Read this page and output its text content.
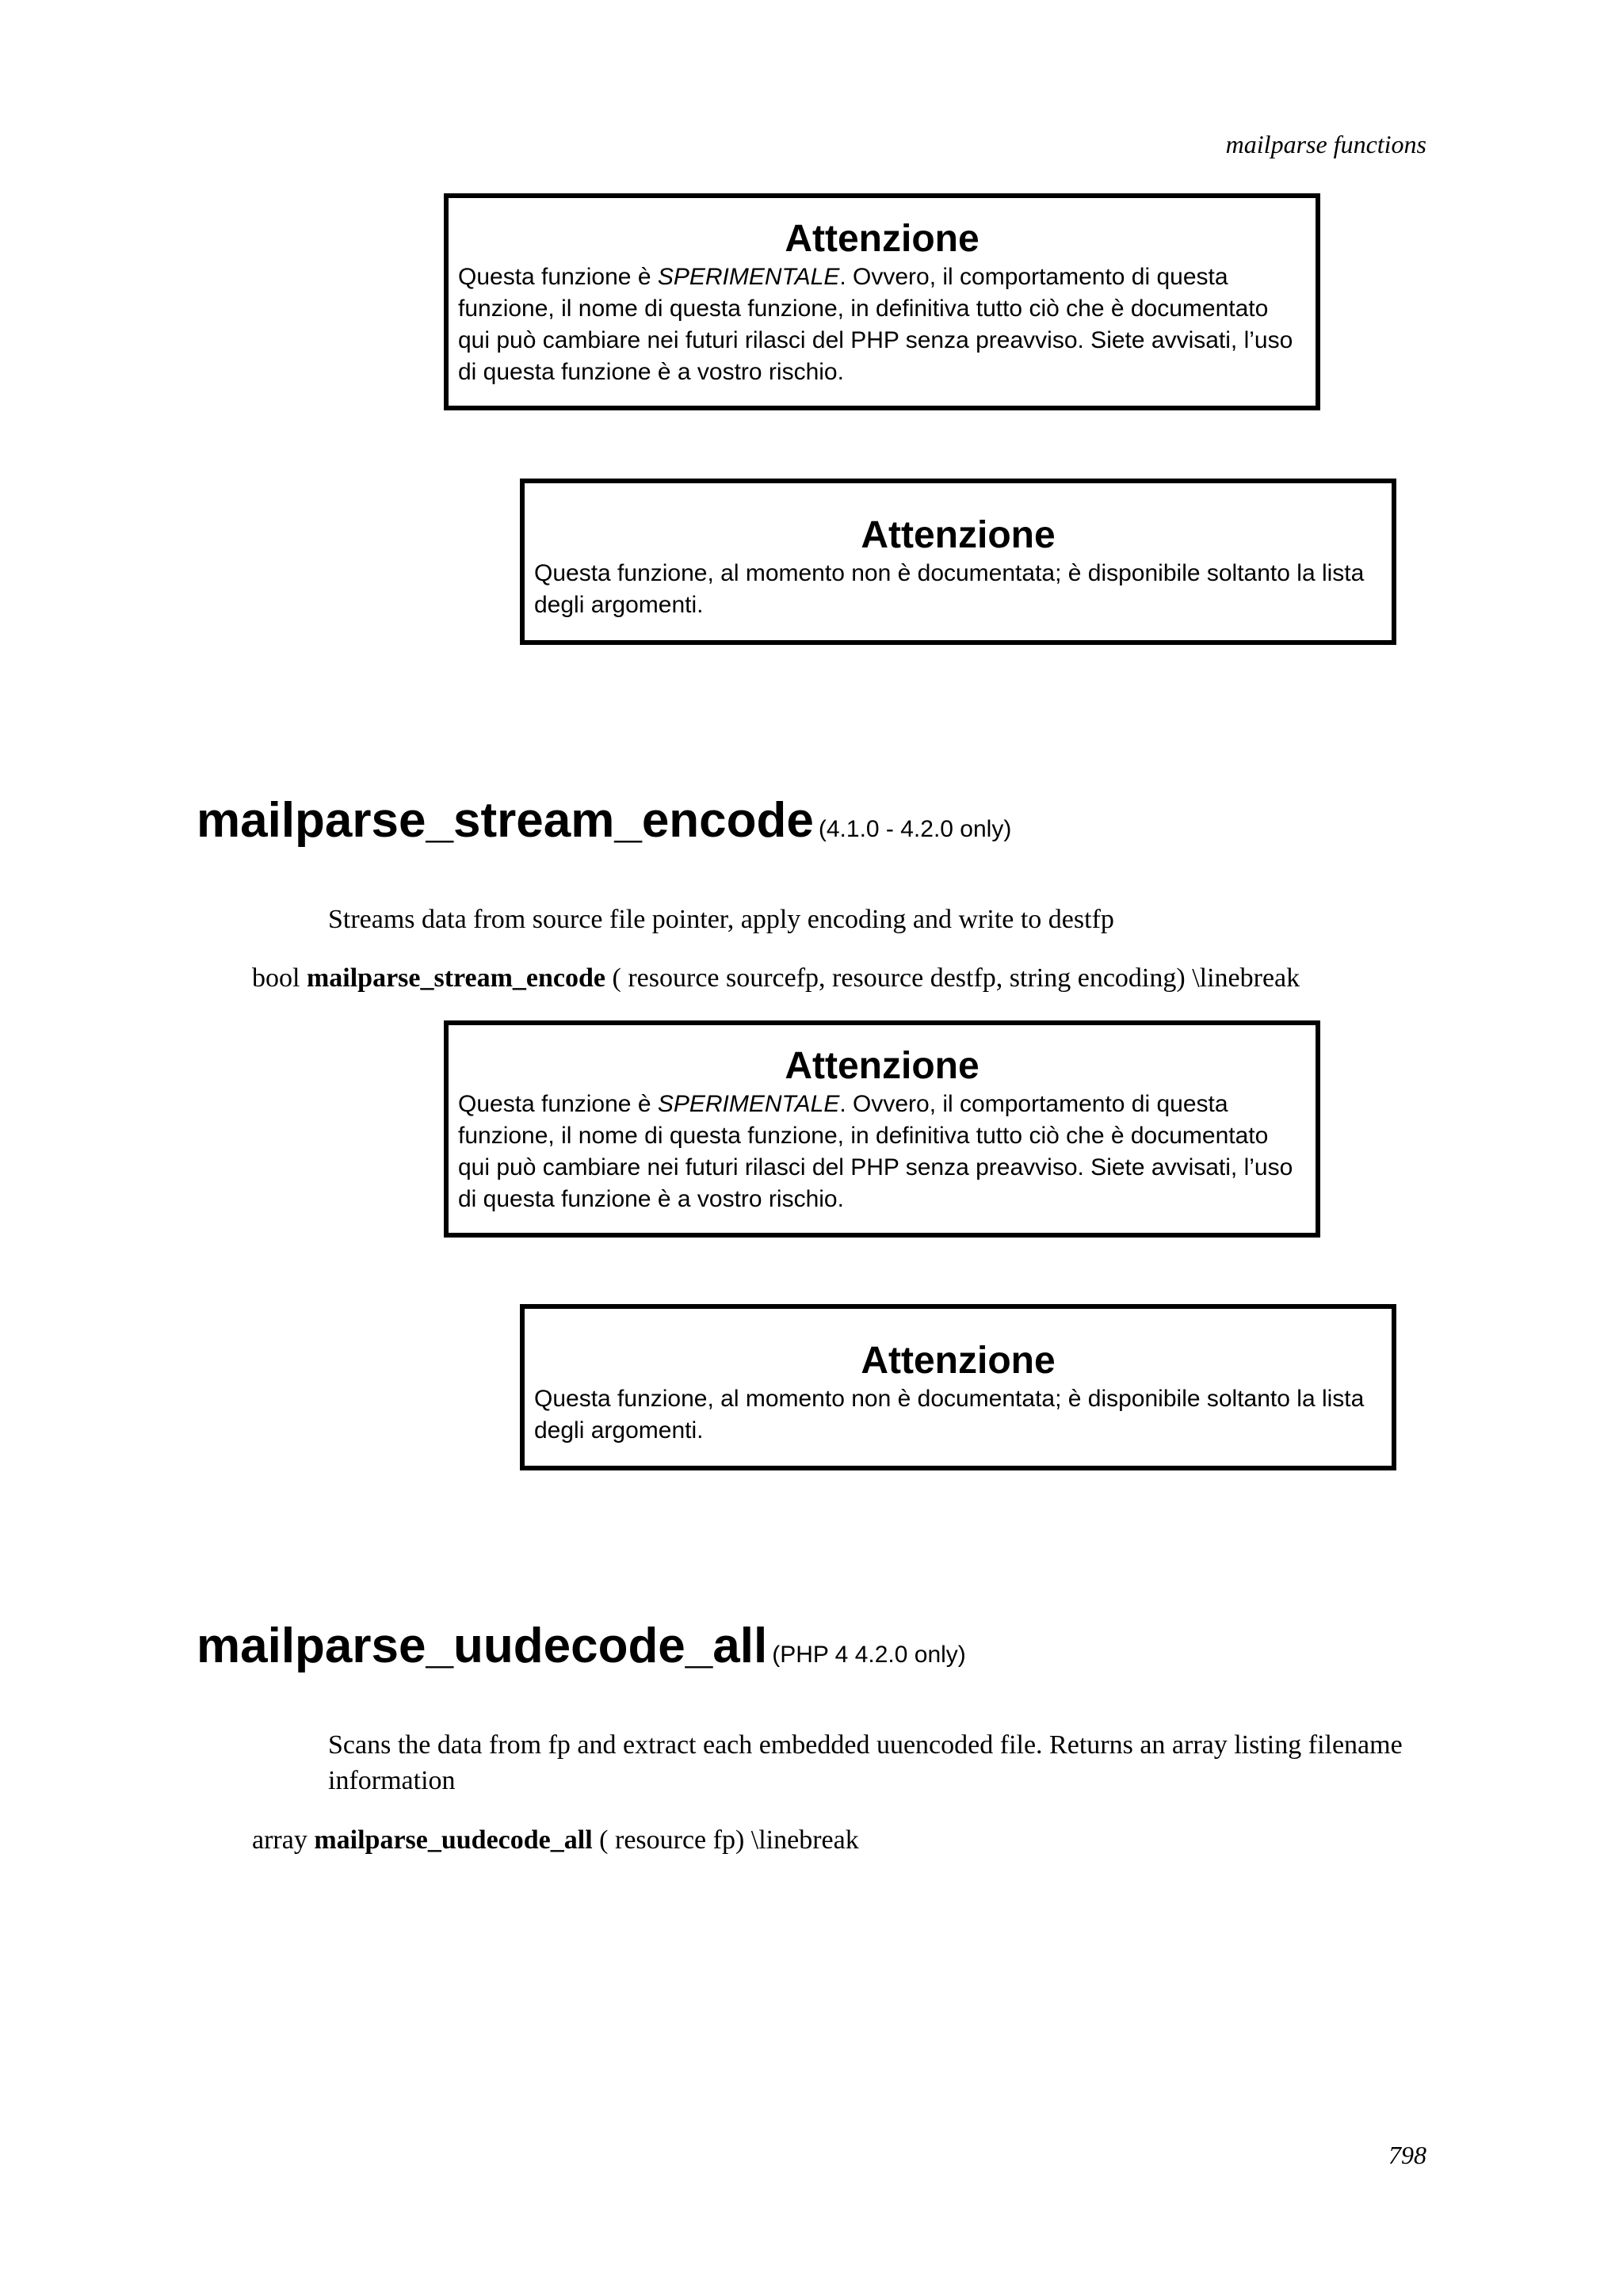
mailparse functions

Attenzione

Questa funzione è SPERIMENTALE. Ovvero, il comportamento di questa funzione, il nome di questa funzione, in definitiva tutto ciò che è documentato qui può cambiare nei futuri rilasci del PHP senza preavviso. Siete avvisati, l’uso di questa funzione è a vostro rischio.

Attenzione

Questa funzione, al momento non è documentata; è disponibile soltanto la lista degli argomenti.

mailparse_stream_encode (4.1.0 - 4.2.0 only)

Streams data from source file pointer, apply encoding and write to destfp

bool mailparse_stream_encode ( resource sourcefp, resource destfp, string encoding) \linebreak

Attenzione

Questa funzione è SPERIMENTALE. Ovvero, il comportamento di questa funzione, il nome di questa funzione, in definitiva tutto ciò che è documentato qui può cambiare nei futuri rilasci del PHP senza preavviso. Siete avvisati, l’uso di questa funzione è a vostro rischio.

Attenzione

Questa funzione, al momento non è documentata; è disponibile soltanto la lista degli argomenti.

mailparse_uudecode_all (PHP 4 4.2.0 only)

Scans the data from fp and extract each embedded uuencoded file. Returns an array listing filename information

array mailparse_uudecode_all ( resource fp) \linebreak

798
